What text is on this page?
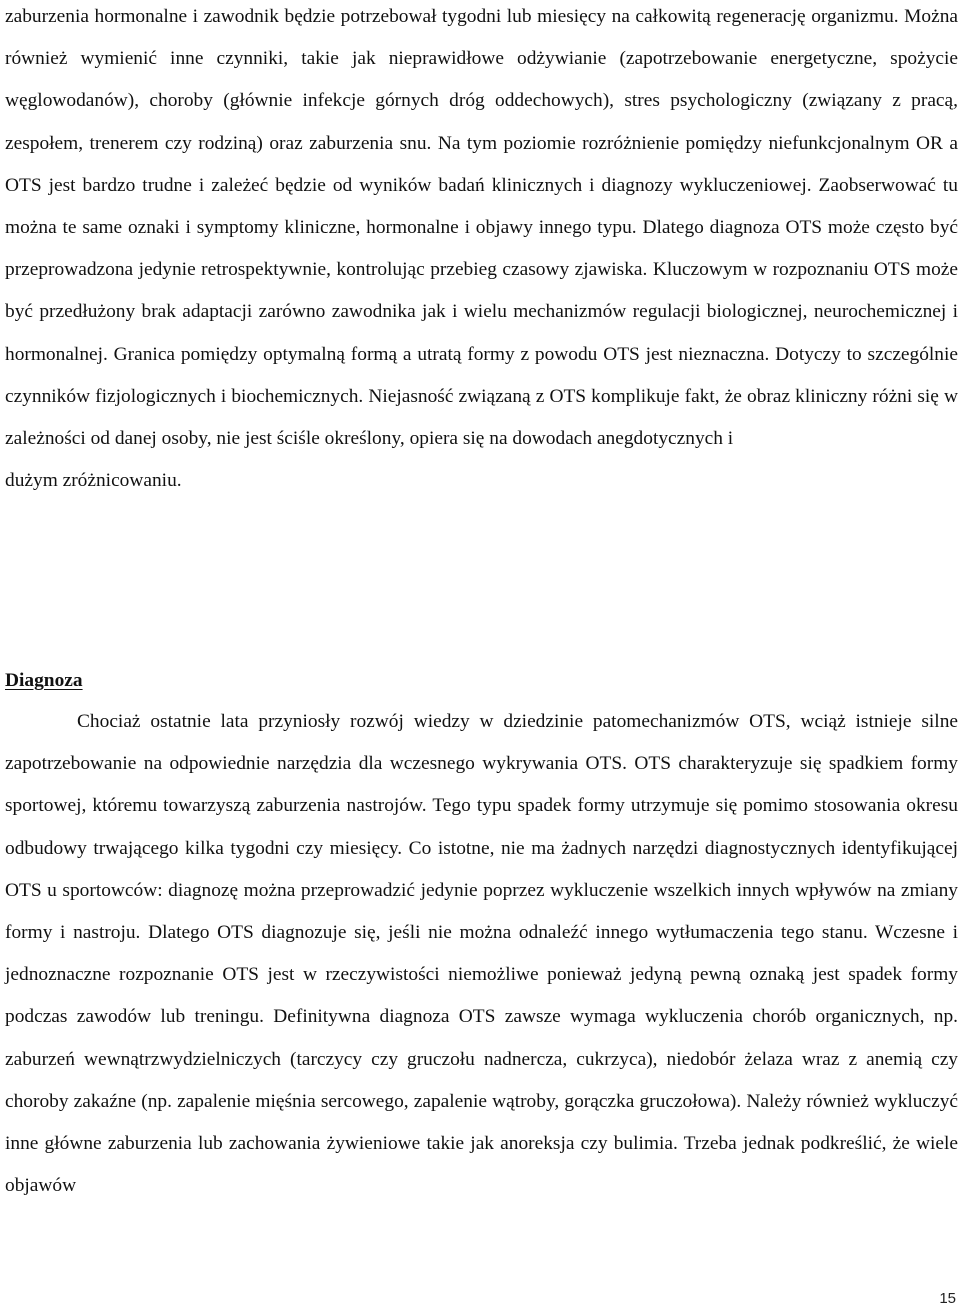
zaburzenia hormonalne i zawodnik będzie potrzebował tygodni lub miesięcy na całkowitą regenerację organizmu. Można również wymienić inne czynniki, takie jak nieprawidłowe odżywianie (zapotrzebowanie energetyczne, spożycie węglowodanów), choroby (głównie infekcje górnych dróg oddechowych), stres psychologiczny (związany z pracą, zespołem, trenerem czy rodziną) oraz zaburzenia snu. Na tym poziomie rozróżnienie pomiędzy niefunkcjonalnym OR a OTS jest bardzo trudne i zależeć będzie od wyników badań klinicznych i diagnozy wykluczeniowej. Zaobserwować tu można te same oznaki i symptomy kliniczne, hormonalne i objawy innego typu. Dlatego diagnoza OTS może często być przeprowadzona jedynie retrospektywnie, kontrolując przebieg czasowy zjawiska. Kluczowym w rozpoznaniu OTS może być przedłużony brak adaptacji zarówno zawodnika jak i wielu mechanizmów regulacji biologicznej, neurochemicznej i hormonalnej. Granica pomiędzy optymalną formą a utratą formy z powodu OTS jest nieznaczna. Dotyczy to szczególnie czynników fizjologicznych i biochemicznych. Niejasność związaną z OTS komplikuje fakt, że obraz kliniczny różni się w zależności od danej osoby, nie jest ściśle określony, opiera się na dowodach anegdotycznych i
dużym zróżnicowaniu.

Diagnoza

Chociaż ostatnie lata przyniosły rozwój wiedzy w dziedzinie patomechanizmów OTS, wciąż istnieje silne zapotrzebowanie na odpowiednie narzędzia dla wczesnego wykrywania OTS. OTS charakteryzuje się spadkiem formy sportowej, któremu towarzyszą zaburzenia nastrojów. Tego typu spadek formy utrzymuje się pomimo stosowania okresu odbudowy trwającego kilka tygodni czy miesięcy. Co istotne, nie ma żadnych narzędzi diagnostycznych identyfikującej OTS u sportowców: diagnozę można przeprowadzić jedynie poprzez wykluczenie wszelkich innych wpływów na zmiany formy i nastroju. Dlatego OTS diagnozuje się, jeśli nie można odnaleźć innego wytłumaczenia tego stanu. Wczesne i jednoznaczne rozpoznanie OTS jest w rzeczywistości niemożliwe ponieważ jedyną pewną oznaką jest spadek formy podczas zawodów lub treningu. Definitywna diagnoza OTS zawsze wymaga wykluczenia chorób organicznych, np. zaburzeń wewnątrzwydzielniczych (tarczycy czy gruczołu nadnercza, cukrzyca), niedobór żelaza wraz z anemią czy choroby zakaźne (np. zapalenie mięśnia sercowego, zapalenie wątroby, gorączka gruczołowa). Należy również wykluczyć inne główne zaburzenia lub zachowania żywieniowe takie jak anoreksja czy bulimia. Trzeba jednak podkreślić, że wiele objawów

15
